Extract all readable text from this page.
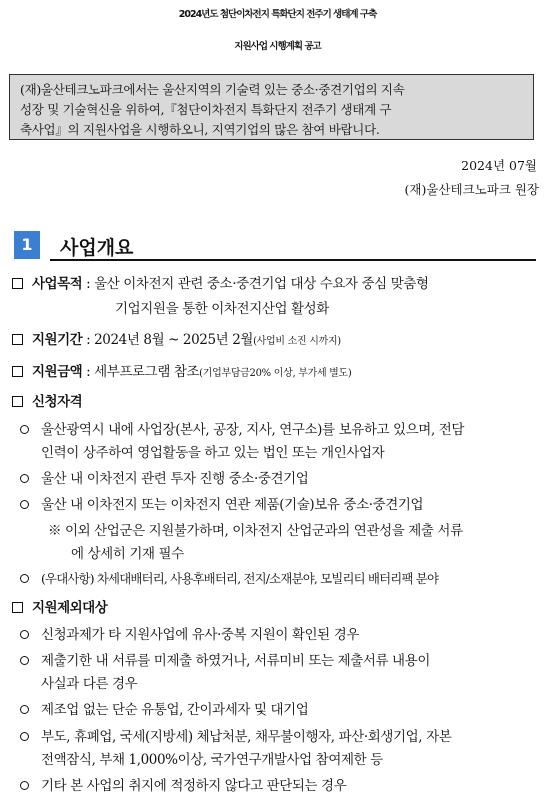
2024년도 첨단이차전지 특화단지 전주기 생태계 구축
지원사업 시행계획 공고
(재)울산테크노파크에서는 울산지역의 기술력 있는 중소·중견기업의 지속
성장 및 기술혁신을 위하여,『첨단이차전지 특화단지 전주기 생태계 구
축사업』의 지원사업을 시행하오니, 지역기업의 많은 참여 바랍니다.
2024년 07월
(재)울산테크노파크 원장
1	사업개요
사업목적 : 울산 이차전지 관련 중소·중견기업 대상 수요자 중심 맞춤형
기업지원을 통한 이차전지산업 활성화
지원기간 : 2024년 8월 ~ 2025년 2월(사업비 소진 시까지)
지원금액 : 세부프로그램 참조(기업부담금20% 이상, 부가세 별도)
신청자격
울산광역시 내에 사업장(본사, 공장, 지사, 연구소)를 보유하고 있으며, 전담
인력이 상주하여 영업활동을 하고 있는 법인 또는 개인사업자
울산 내 이차전지 관련 투자 진행 중소·중견기업
울산 내 이차전지 또는 이차전지 연관 제품(기술)보유 중소·중견기업
※ 이외 산업군은 지원불가하며, 이차전지 산업군과의 연관성을 제출 서류
에 상세히 기재 필수
(우대사항) 차세대배터리, 사용후배터리, 전지/소재분야, 모빌리티 배터리팩 분야
지원제외대상
신청과제가 타 지원사업에 유사·중복 지원이 확인된 경우
제출기한 내 서류를 미제출 하였거나, 서류미비 또는 제출서류 내용이
사실과 다른 경우
제조업 없는 단순 유통업, 간이과세자 및 대기업
부도, 휴폐업, 국세(지방세) 체납처분, 채무불이행자, 파산·회생기업, 자본
전액잠식, 부채 1,000%이상, 국가연구개발사업 참여제한 등
기타 본 사업의 취지에 적정하지 않다고 판단되는 경우
